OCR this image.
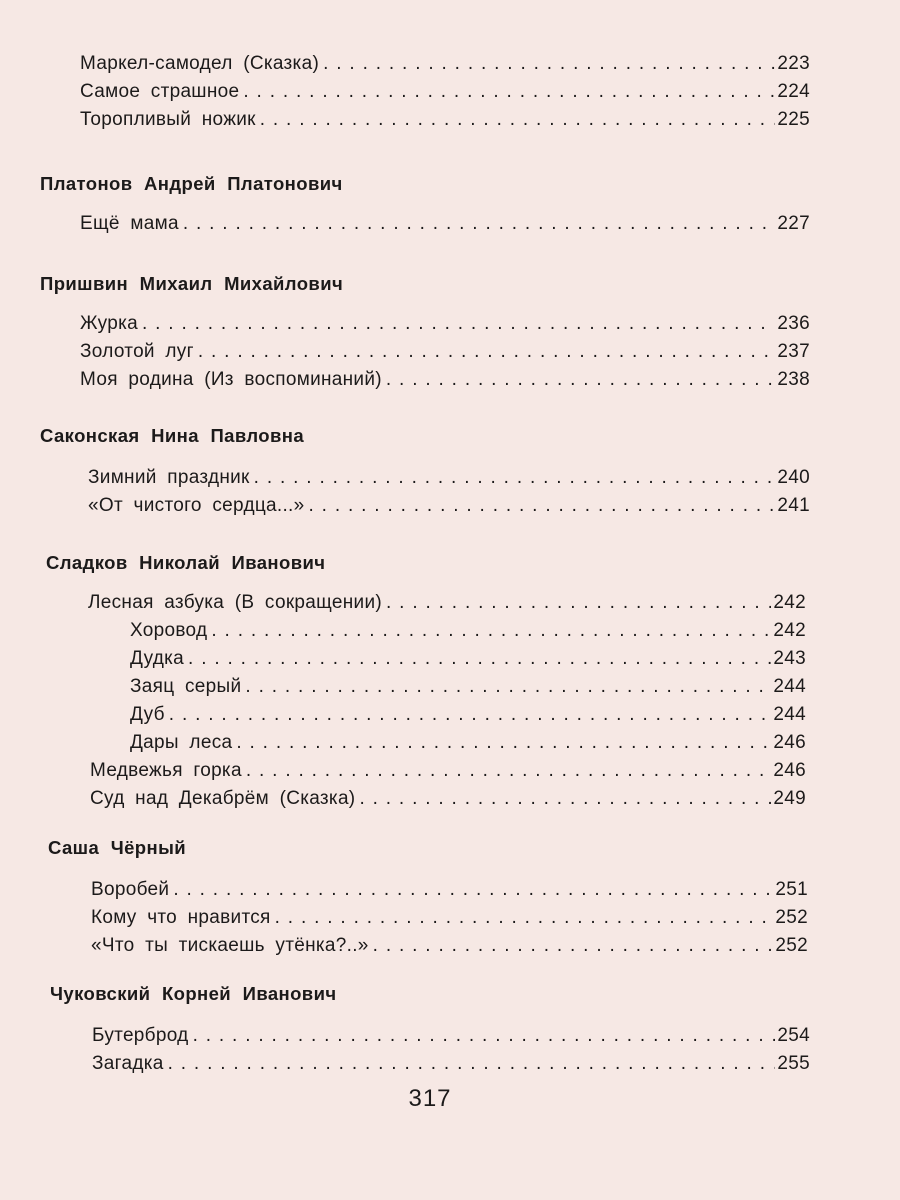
Маркел-самодел (Сказка) . . .	223
Самое страшное . . .	224
Торопливый ножик . . .	225
Платонов Андрей Платонович
Ещё мама . . .	227
Пришвин Михаил Михайлович
Журка . . .	236
Золотой луг . . .	237
Моя родина (Из воспоминаний) . . .	238
Саконская Нина Павловна
Зимний праздник . . .	240
«От чистого сердца...» . . .	241
Сладков Николай Иванович
Лесная азбука (В сокращении) . . .	242
Хоровод . . .	242
Дудка . . .	243
Заяц серый . . .	244
Дуб . . .	244
Дары леса . . .	246
Медвежья горка . . .	246
Суд над Декабрём (Сказка) . . .	249
Саша Чёрный
Воробей . . .	251
Кому что нравится . . .	252
«Что ты тискаешь утёнка?..» . . .	252
Чуковский Корней Иванович
Бутерброд . . .	254
Загадка . . .	255
317
